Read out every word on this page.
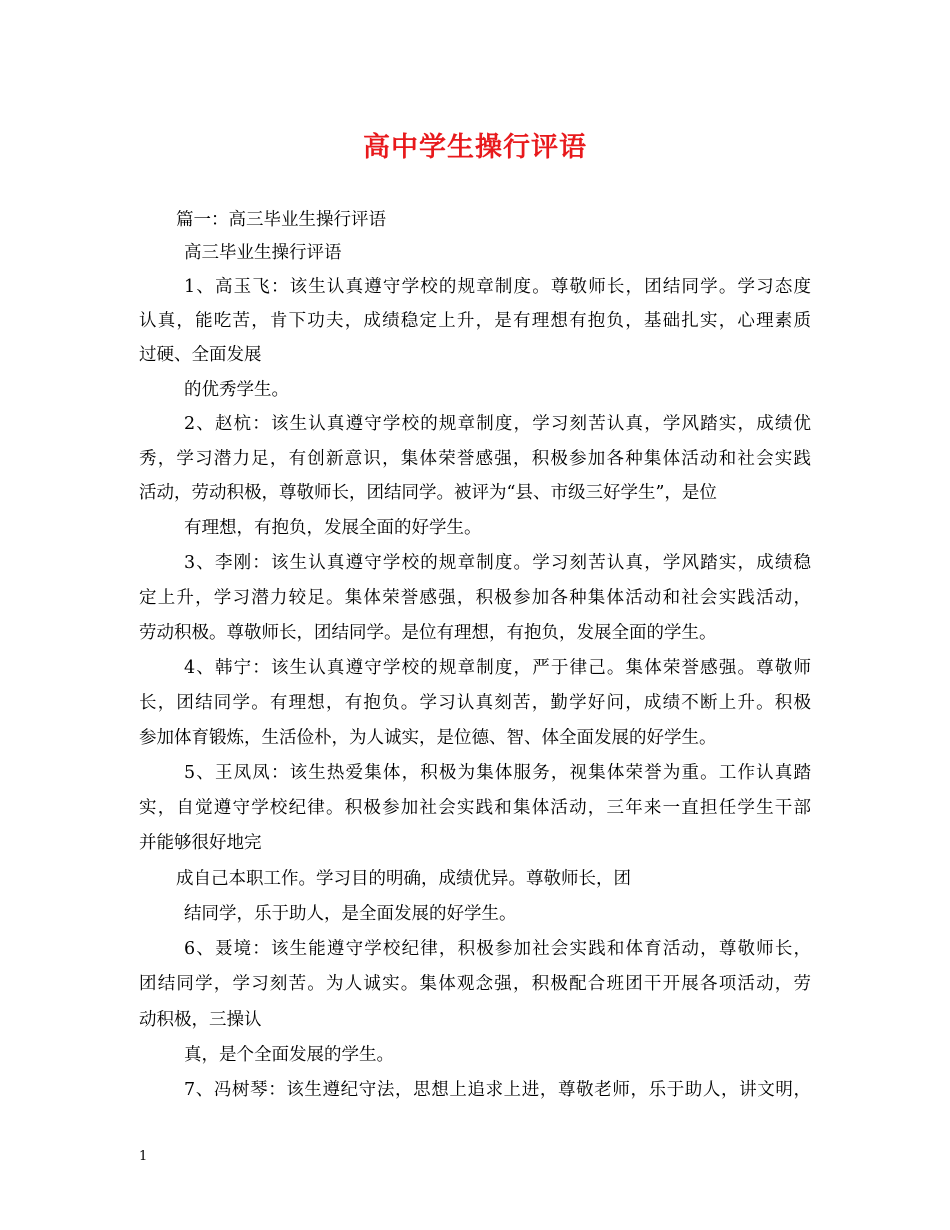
高中学生操行评语
篇一：高三毕业生操行评语
高三毕业生操行评语
1、高玉飞：该生认真遵守学校的规章制度。尊敬师长，团结同学。学习态度
认真，能吃苦，肯下功夫，成绩稳定上升，是有理想有抱负，基础扎实，心理素质
过硬、全面发展
的优秀学生。
2、赵杭：该生认真遵守学校的规章制度，学习刻苦认真，学风踏实，成绩优
秀，学习潜力足，有创新意识，集体荣誉感强，积极参加各种集体活动和社会实践
活动，劳动积极，尊敬师长，团结同学。被评为“县、市级三好学生”，是位
有理想，有抱负，发展全面的好学生。
3、李刚：该生认真遵守学校的规章制度。学习刻苦认真，学风踏实，成绩稳
定上升，学习潜力较足。集体荣誉感强，积极参加各种集体活动和社会实践活动，
劳动积极。尊敬师长，团结同学。是位有理想，有抱负，发展全面的学生。
4、韩宁：该生认真遵守学校的规章制度，严于律己。集体荣誉感强。尊敬师
长，团结同学。有理想，有抱负。学习认真刻苦，勤学好问，成绩不断上升。积极
参加体育锻炼，生活俭朴，为人诚实，是位德、智、体全面发展的好学生。
5、王凤凤：该生热爱集体，积极为集体服务，视集体荣誉为重。工作认真踏
实，自觉遵守学校纪律。积极参加社会实践和集体活动，三年来一直担任学生干部
并能够很好地完
成自己本职工作。学习目的明确，成绩优异。尊敬师长，团
结同学，乐于助人，是全面发展的好学生。
6、聂境：该生能遵守学校纪律，积极参加社会实践和体育活动，尊敬师长，
团结同学，学习刻苦。为人诚实。集体观念强，积极配合班团干开展各项活动，劳
动积极，三操认
真，是个全面发展的学生。
7、冯树琴：该生遵纪守法，思想上追求上进，尊敬老师，乐于助人，讲文明，
1
